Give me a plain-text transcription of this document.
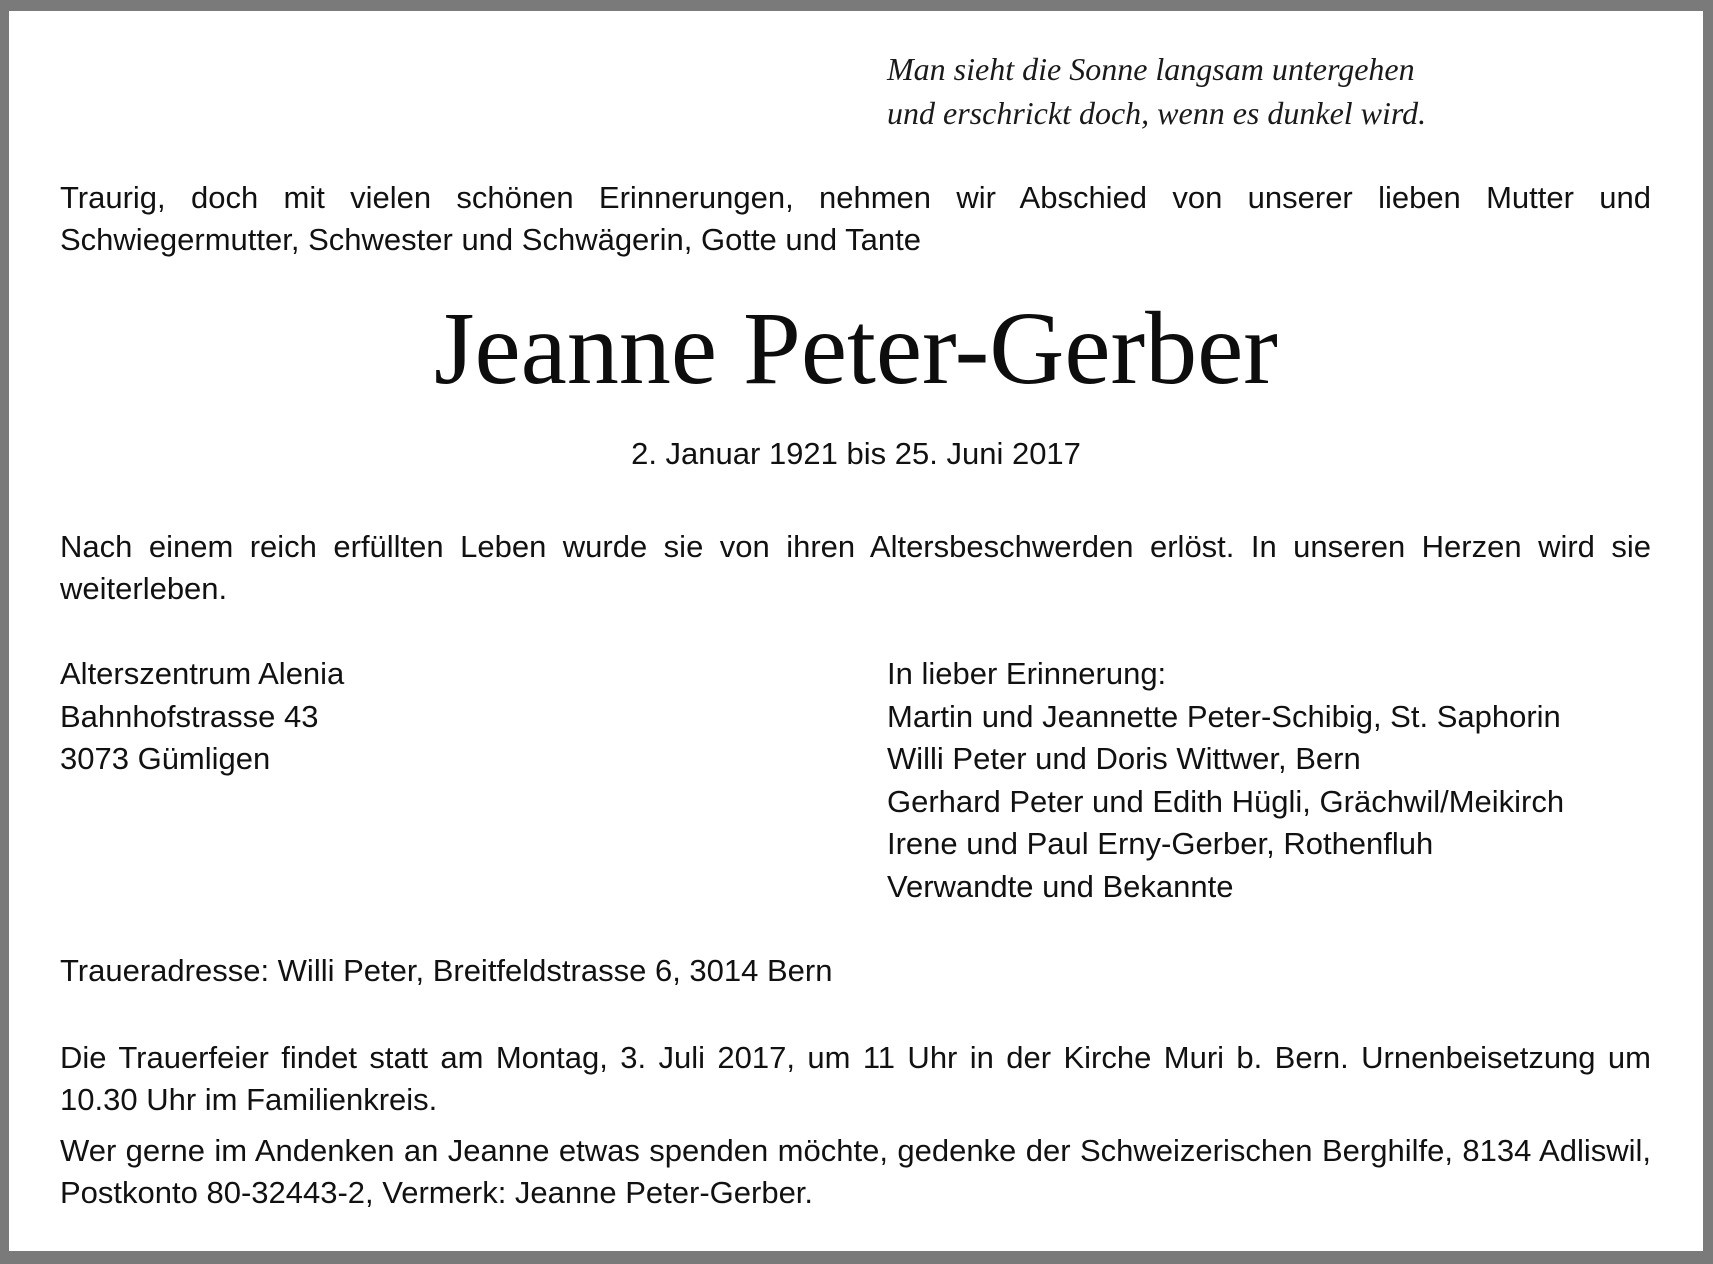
Man sieht die Sonne langsam untergehen
und erschrickt doch, wenn es dunkel wird.
Traurig, doch mit vielen schönen Erinnerungen, nehmen wir Abschied von unserer lieben Mutter und Schwiegermutter, Schwester und Schwägerin, Gotte und Tante
Jeanne Peter-Gerber
2. Januar 1921 bis 25. Juni 2017
Nach einem reich erfüllten Leben wurde sie von ihren Altersbeschwerden erlöst. In unseren Herzen wird sie weiterleben.
Alterszentrum Alenia
Bahnhofstrasse 43
3073 Gümligen
In lieber Erinnerung:
Martin und Jeannette Peter-Schibig, St. Saphorin
Willi Peter und Doris Wittwer, Bern
Gerhard Peter und Edith Hügli, Grächwil/Meikirch
Irene und Paul Erny-Gerber, Rothenfluh
Verwandte und Bekannte
Traueradresse: Willi Peter, Breitfeldstrasse 6, 3014 Bern
Die Trauerfeier findet statt am Montag, 3. Juli 2017, um 11 Uhr in der Kirche Muri b. Bern. Urnenbeisetzung um 10.30 Uhr im Familienkreis.
Wer gerne im Andenken an Jeanne etwas spenden möchte, gedenke der Schweizerischen Berghilfe, 8134 Adliswil, Postkonto 80-32443-2, Vermerk: Jeanne Peter-Gerber.
